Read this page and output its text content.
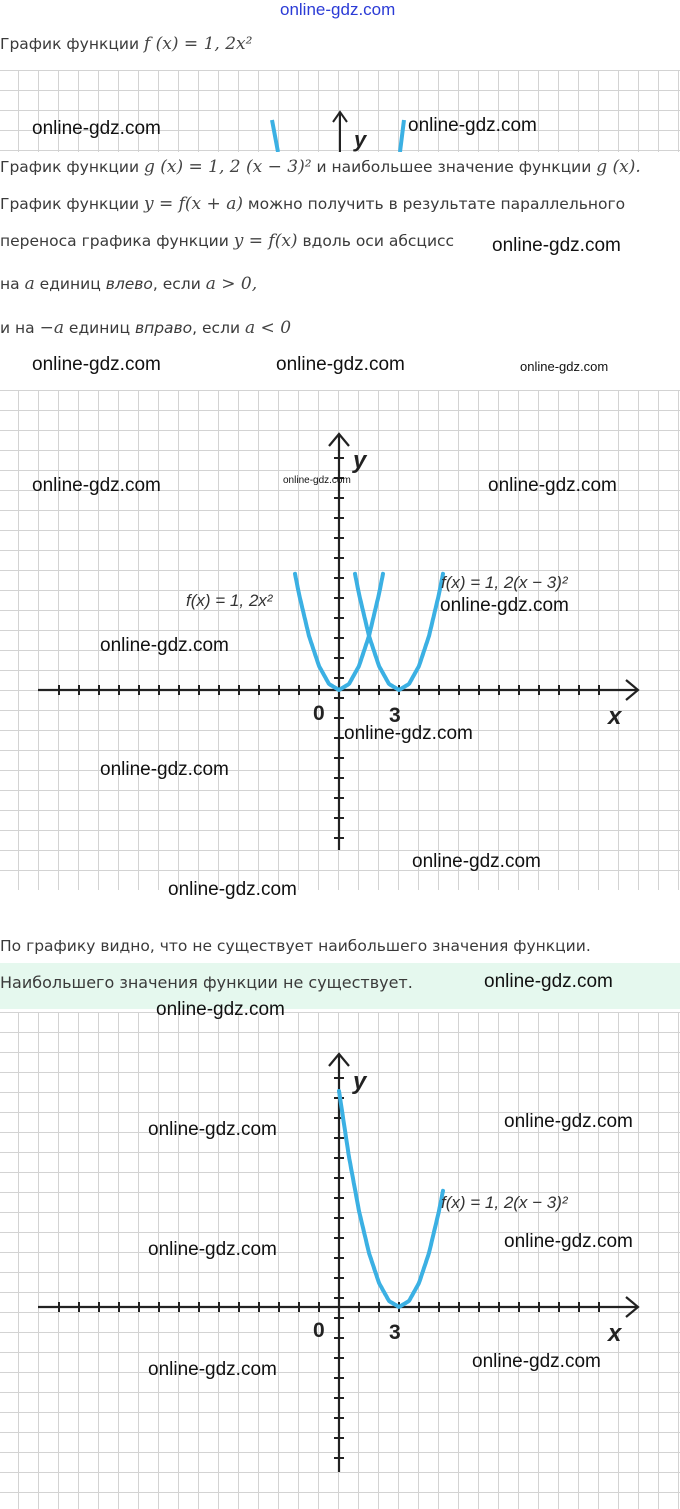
online-gdz.com
График функции f (x) = 1, 2x²
y
График функции g (x) = 1, 2 (x − 3)² и наибольшее значение функции g (x).
График функции y = f(x + a) можно получить в результате параллельного
переноса графика функции y = f(x) вдоль оси абсцисс
на a единиц влево, если a > 0,
и на −a единиц вправо, если a < 0
y
x
0	3
f(x) = 1, 2x²
f(x) = 1, 2(x − 3)²
По графику видно, что не существует наибольшего значения функции.
Наибольшего значения функции не существует.
y
x
0	3
f(x) = 1, 2(x − 3)²
online-gdz.com	online-gdz.com
online-gdz.com
online-gdz.com	online-gdz.com	online-gdz.com
online-gdz.com	online-gdz.com	online-gdz.com
online-gdz.com
online-gdz.com
online-gdz.com
online-gdz.com
online-gdz.com
online-gdz.com
online-gdz.com
online-gdz.com
online-gdz.com
online-gdz.com
online-gdz.com	online-gdz.com
online-gdz.com	online-gdz.com
